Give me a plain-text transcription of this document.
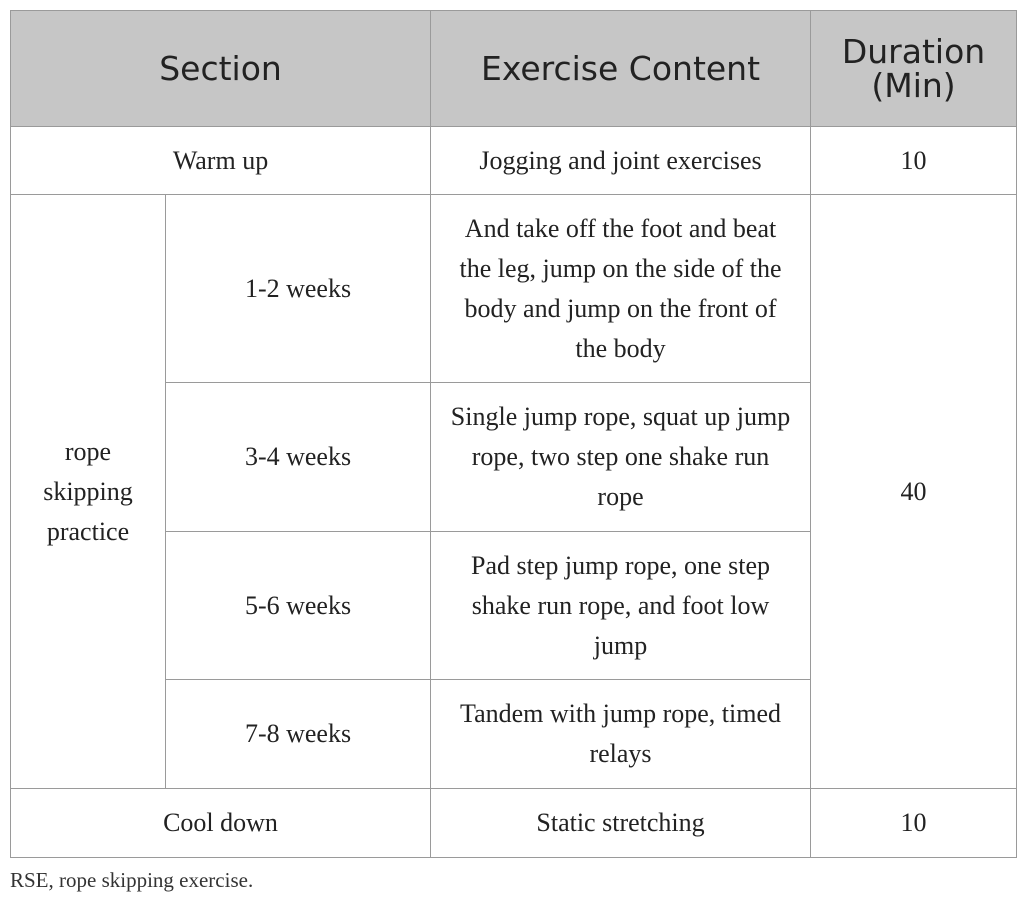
Section		Exercise Content	Duration (Min)
Warm up		Jogging and joint exercises	10
rope skipping practice	1-2 weeks	And take off the foot and beat the leg, jump on the side of the body and jump on the front of the body	40
	3-4 weeks	Single jump rope, squat up jump rope, two step one shake run rope	
	5-6 weeks	Pad step jump rope, one step shake run rope, and foot low jump	
	7-8 weeks	Tandem with jump rope, timed relays	
Cool down		Static stretching	10
RSE, rope skipping exercise.
